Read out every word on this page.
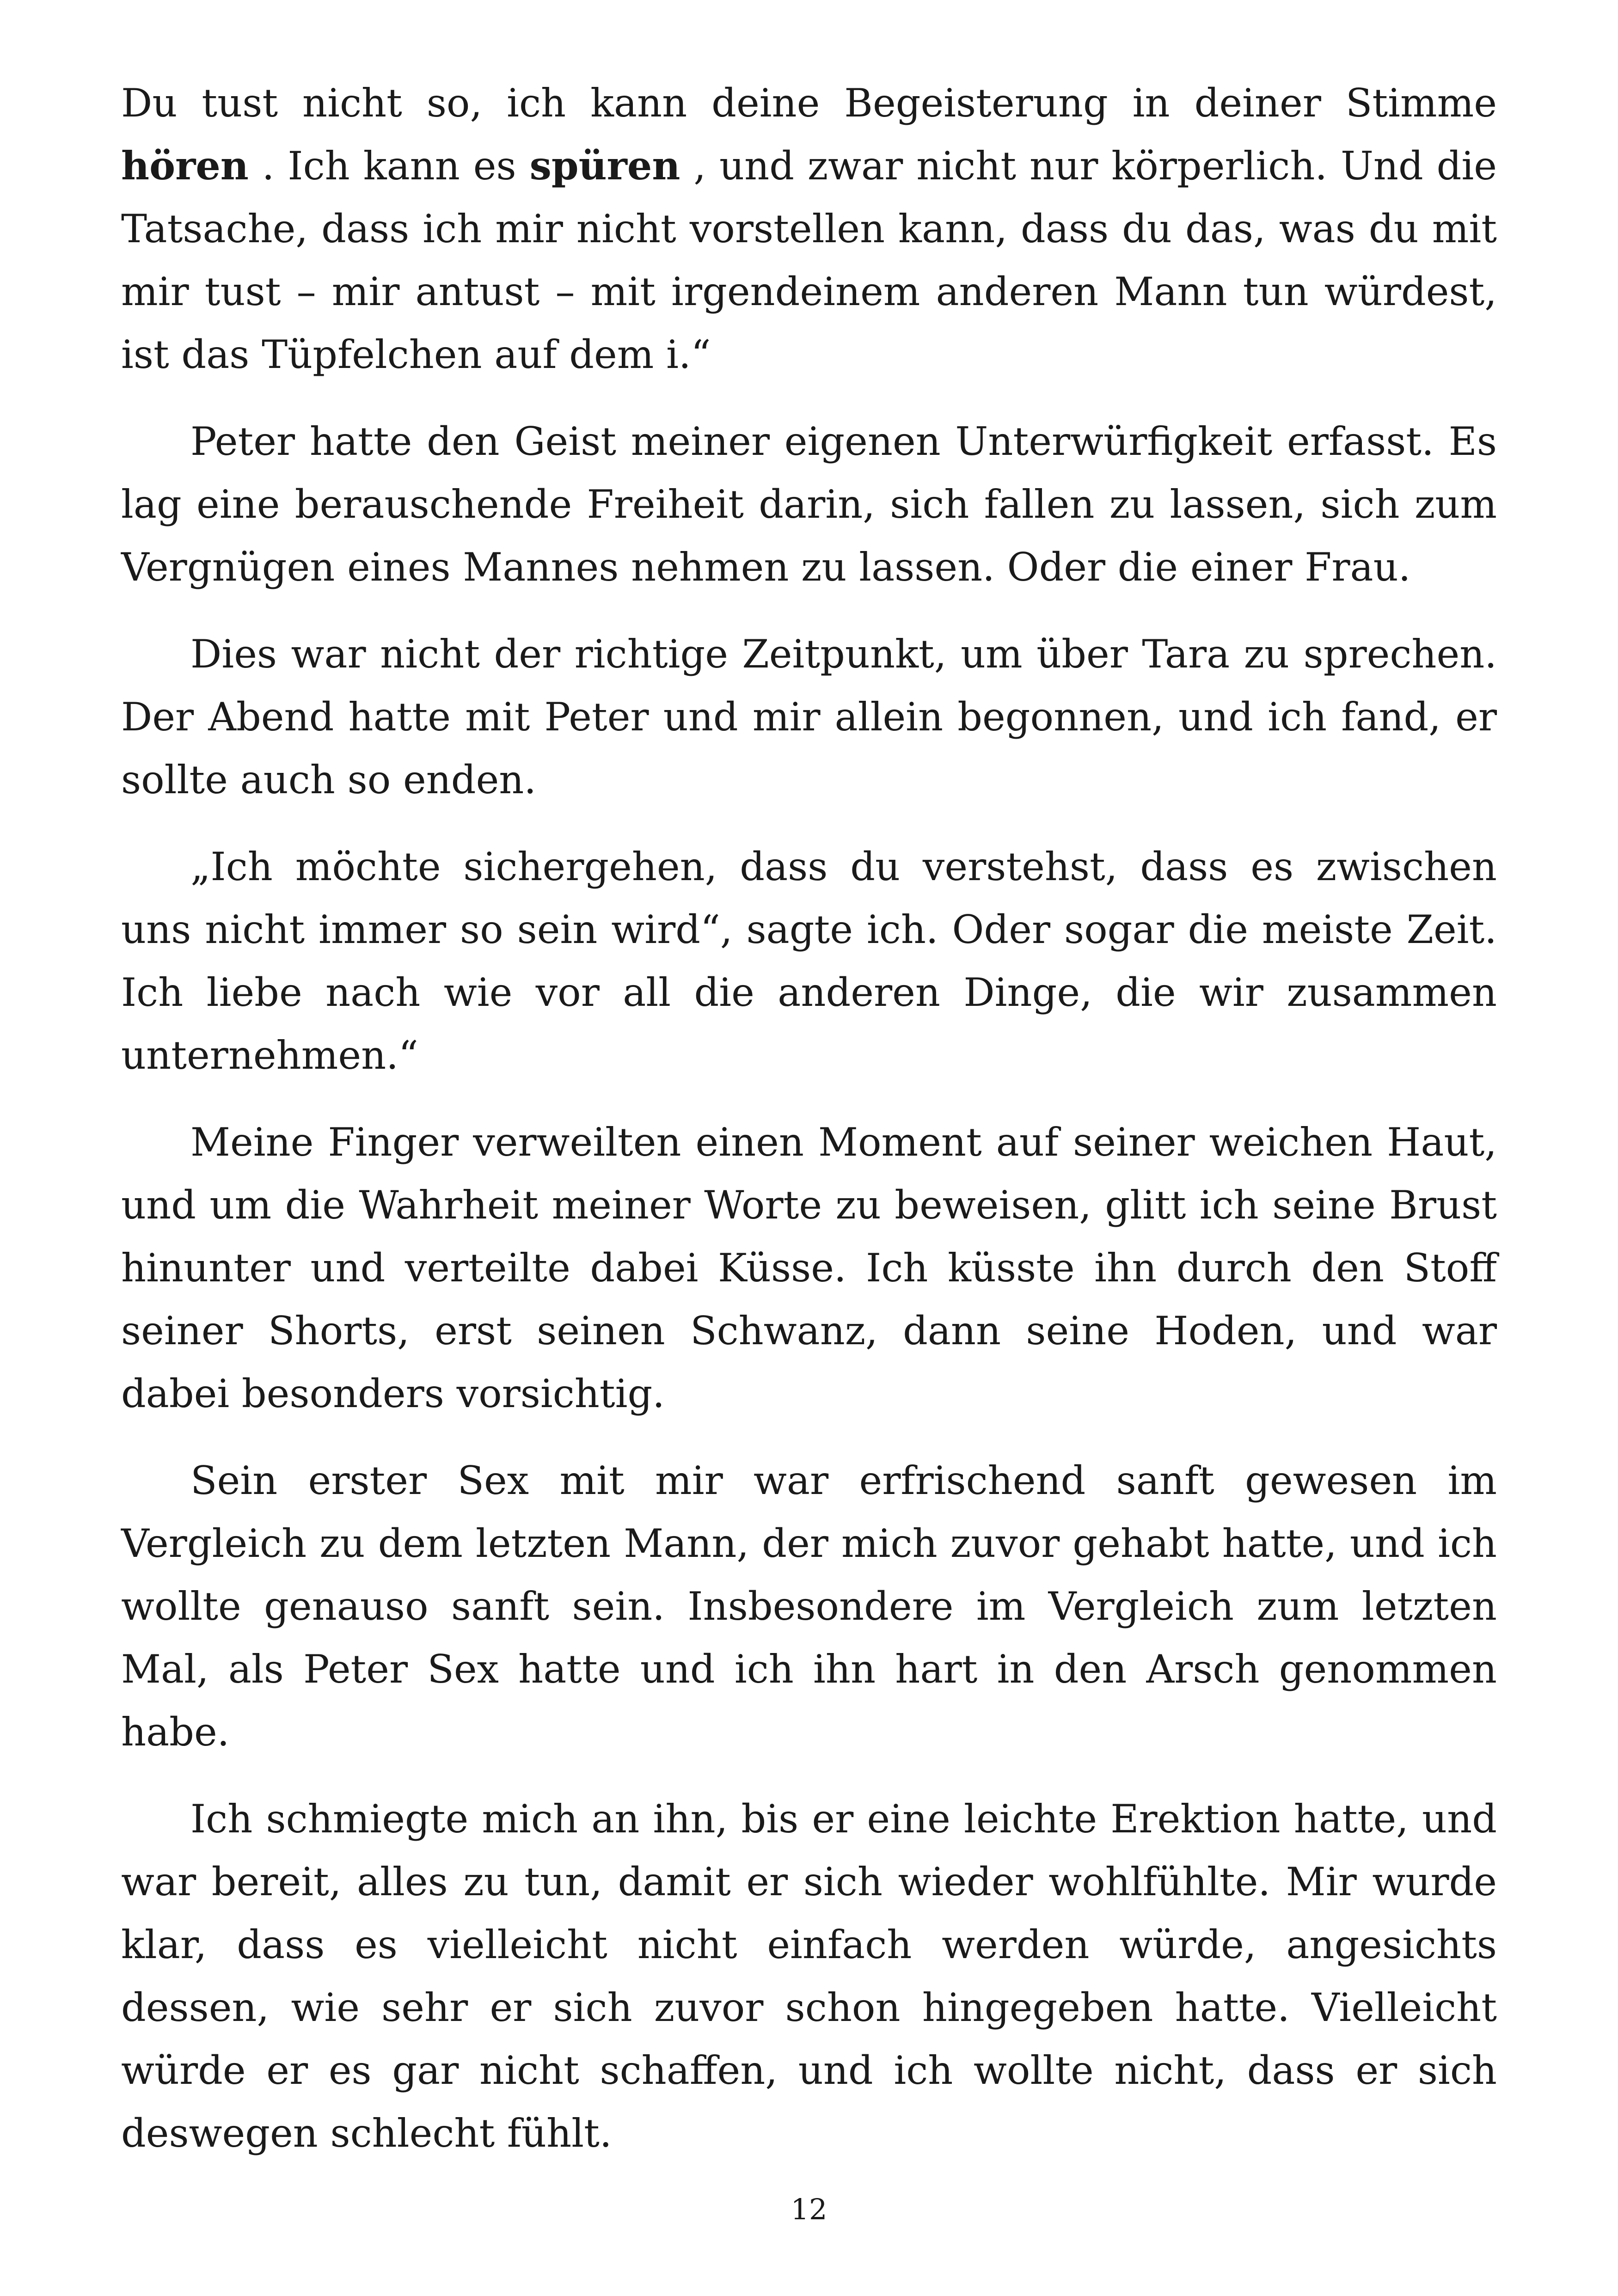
Du tust nicht so, ich kann deine Begeisterung in deiner Stimme hören . Ich kann es spüren , und zwar nicht nur körperlich. Und die Tatsache, dass ich mir nicht vorstellen kann, dass du das, was du mit mir tust – mir antust – mit irgendeinem anderen Mann tun würdest, ist das Tüpfelchen auf dem i.“

Peter hatte den Geist meiner eigenen Unterwürfigkeit erfasst. Es lag eine berauschende Freiheit darin, sich fallen zu lassen, sich zum Vergnügen eines Mannes nehmen zu lassen. Oder die einer Frau.

Dies war nicht der richtige Zeitpunkt, um über Tara zu sprechen. Der Abend hatte mit Peter und mir allein begonnen, und ich fand, er sollte auch so enden.

„Ich möchte sichergehen, dass du verstehst, dass es zwischen uns nicht immer so sein wird“, sagte ich. Oder sogar die meiste Zeit. Ich liebe nach wie vor all die anderen Dinge, die wir zusammen unternehmen.“

Meine Finger verweilten einen Moment auf seiner weichen Haut, und um die Wahrheit meiner Worte zu beweisen, glitt ich seine Brust hinunter und verteilte dabei Küsse. Ich küsste ihn durch den Stoff seiner Shorts, erst seinen Schwanz, dann seine Hoden, und war dabei besonders vorsichtig.

Sein erster Sex mit mir war erfrischend sanft gewesen im Vergleich zu dem letzten Mann, der mich zuvor gehabt hatte, und ich wollte genauso sanft sein. Insbesondere im Vergleich zum letzten Mal, als Peter Sex hatte und ich ihn hart in den Arsch genommen habe.

Ich schmiegte mich an ihn, bis er eine leichte Erektion hatte, und war bereit, alles zu tun, damit er sich wieder wohlfühlte. Mir wurde klar, dass es vielleicht nicht einfach werden würde, angesichts dessen, wie sehr er sich zuvor schon hingegeben hatte. Vielleicht würde er es gar nicht schaffen, und ich wollte nicht, dass er sich deswegen schlecht fühlt.

12
